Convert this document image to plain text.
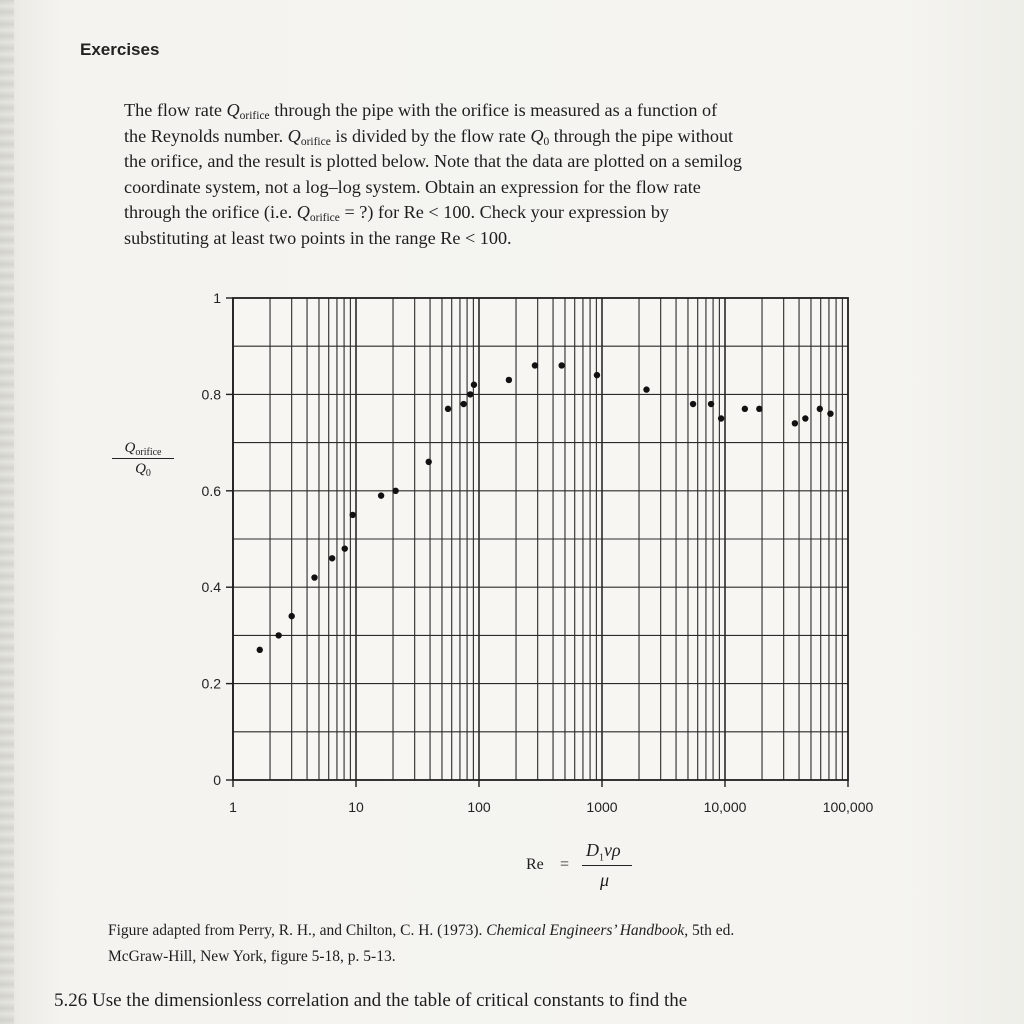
Exercises
The flow rate $Q_{orifice}$ through the pipe with the orifice is measured as a function of
the Reynolds number. $Q_{orifice}$ is divided by the flow rate $Q_0$ through the pipe without
the orifice, and the result is plotted below. Note that the data are plotted on a semilog
coordinate system, not a log–log system. Obtain an expression for the flow rate
through the orifice (i.e. $Q_{orifice}$ = ?) for Re < 100. Check your expression by
substituting at least two points in the range Re < 100.
1	10	100	1000	10,000	100,000
0
0.2
0.4
0.6
0.8
1
$Q_{orifice}$
$Q_0$
Re =
$D_1v\rho$
μ
Figure adapted from Perry, R. H., and Chilton, C. H. (1973). Chemical Engineers’ Handbook, 5th ed.
McGraw-Hill, New York, figure 5-18, p. 5-13.
5.26 Use the dimensionless correlation and the table of critical constants to find the
